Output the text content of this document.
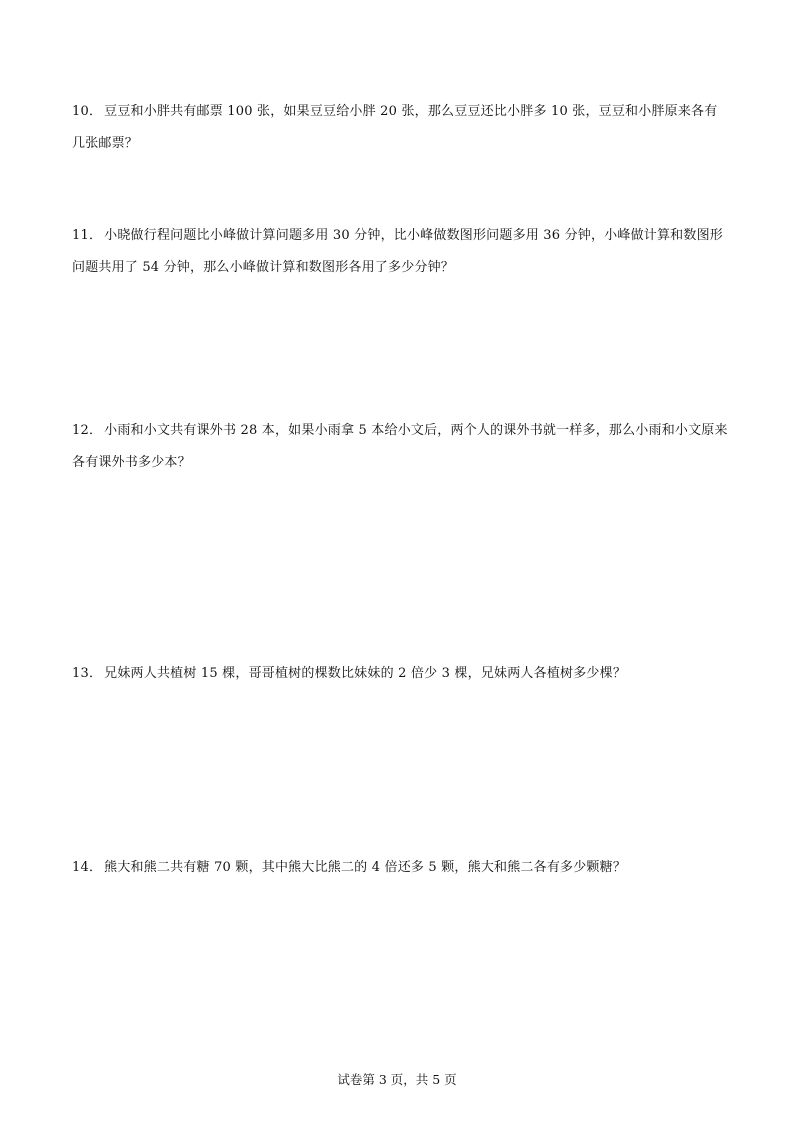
10． 豆豆和小胖共有邮票 100 张，如果豆豆给小胖 20 张，那么豆豆还比小胖多 10 张，豆豆和小胖原来各有几张邮票？
11． 小晓做行程问题比小峰做计算问题多用 30 分钟，比小峰做数图形问题多用 36 分钟，小峰做计算和数图形问题共用了 54 分钟，那么小峰做计算和数图形各用了多少分钟？
12． 小雨和小文共有课外书 28 本，如果小雨拿 5 本给小文后，两个人的课外书就一样多，那么小雨和小文原来各有课外书多少本？
13． 兄妹两人共植树 15 棵，哥哥植树的棵数比妹妹的 2 倍少 3 棵，兄妹两人各植树多少棵？
14． 熊大和熊二共有糖 70 颗，其中熊大比熊二的 4 倍还多 5 颗，熊大和熊二各有多少颗糖？
试卷第 3 页，共 5 页
